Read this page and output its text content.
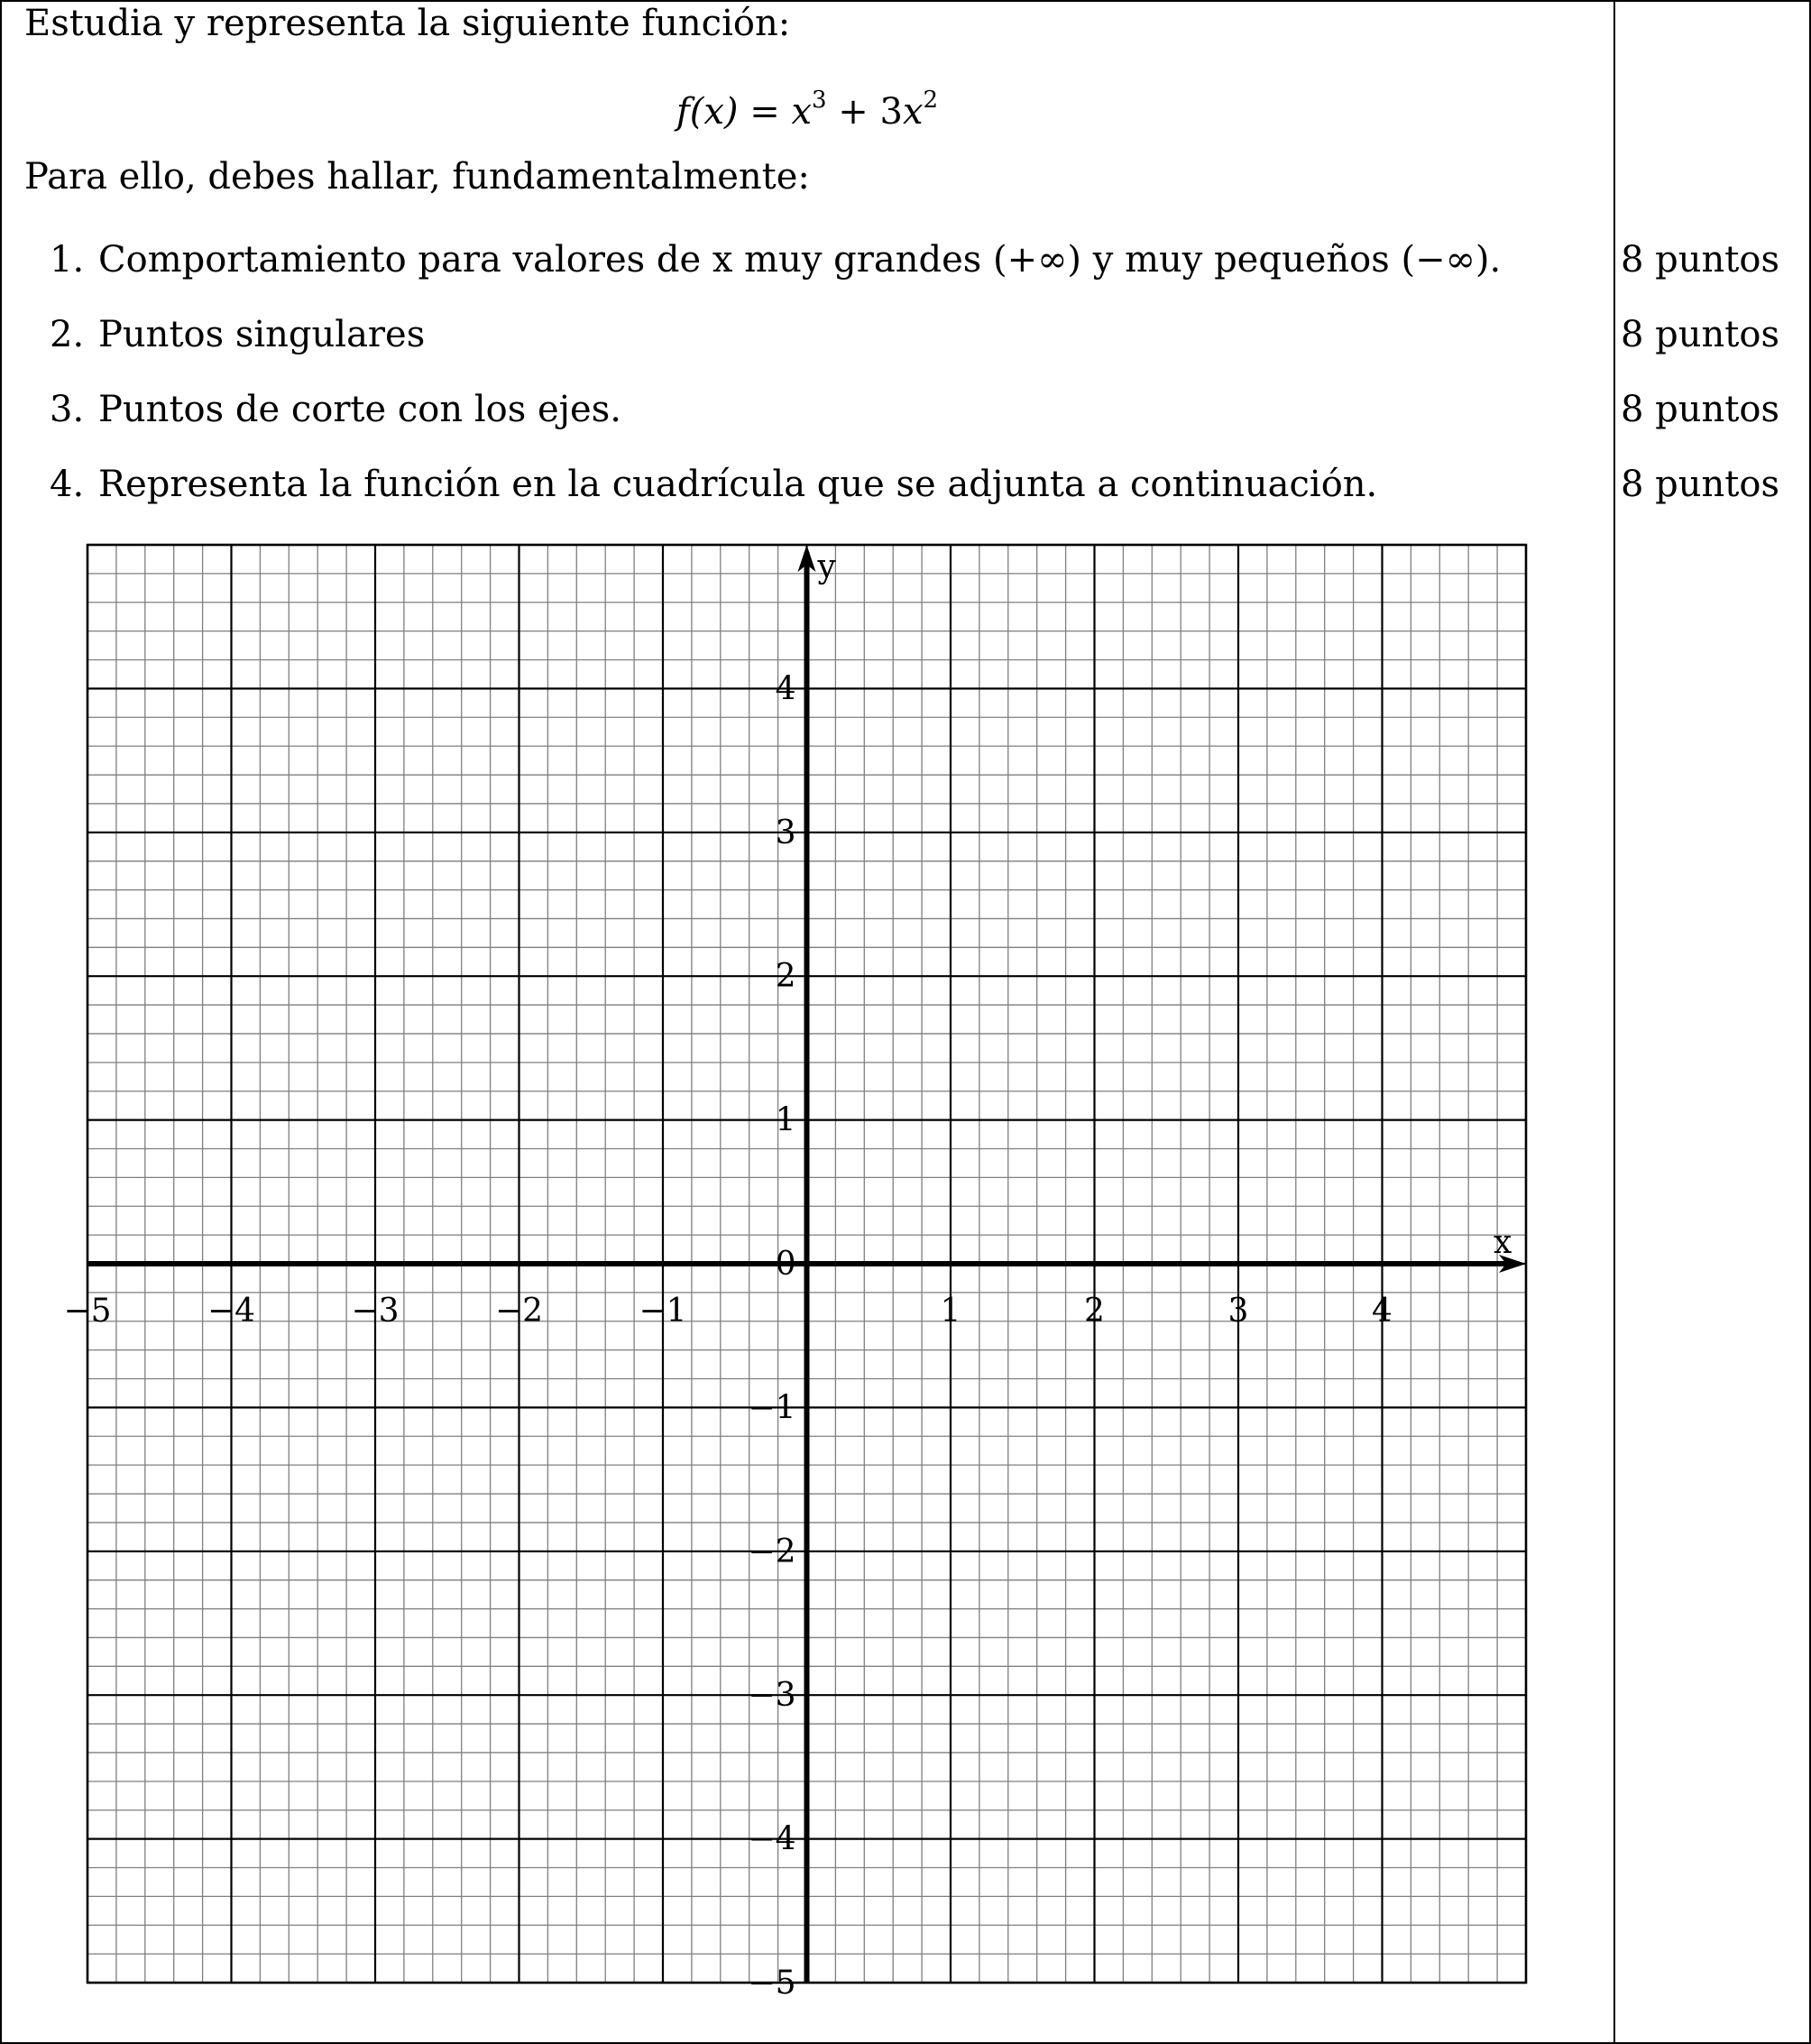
Estudia y representa la siguiente función:
$f(x) = x^3 + 3x^2$
Para ello, debes hallar, fundamentalmente:
1. Comportamiento para valores de x muy grandes (+∞) y muy pequeños (−∞).	8 puntos
2. Puntos singulares	8 puntos
3. Puntos de corte con los ejes.	8 puntos
4. Representa la función en la cuadrícula que se adjunta a continuación.	8 puntos
x
y
−5	−4	−3	−2	−1	1	2	3	4
4
3
2
1
0
−1
−2
−3
−4
−5
